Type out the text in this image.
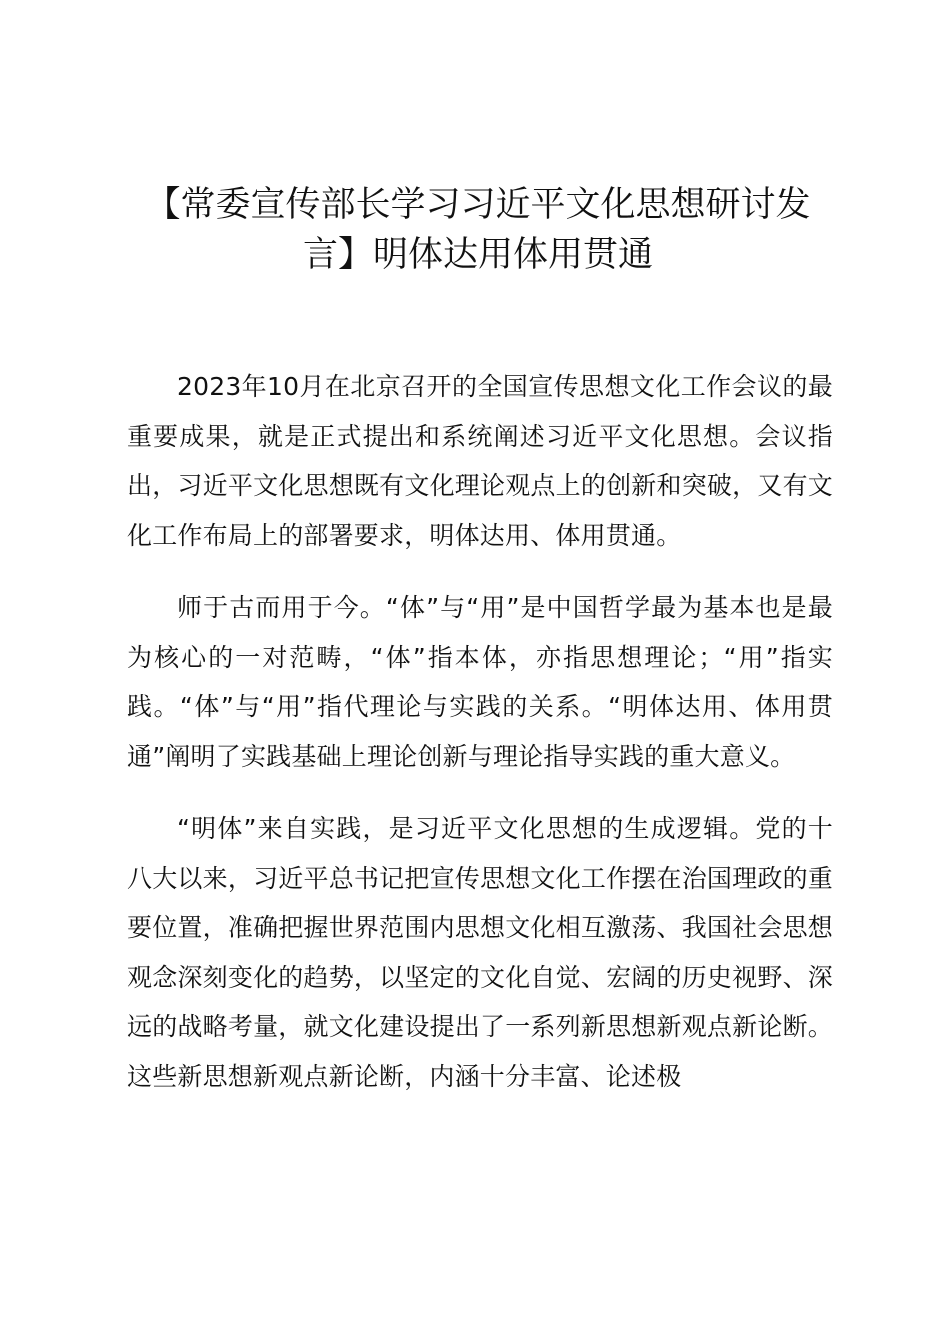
【常委宣传部长学习习近平文化思想研讨发言】明体达用体用贯通

2023年10月在北京召开的全国宣传思想文化工作会议的最重要成果，就是正式提出和系统阐述习近平文化思想。会议指出，习近平文化思想既有文化理论观点上的创新和突破，又有文化工作布局上的部署要求，明体达用、体用贯通。

师于古而用于今。“体”与“用”是中国哲学最为基本也是最为核心的一对范畴，“体”指本体，亦指思想理论；“用”指实践。“体”与“用”指代理论与实践的关系。“明体达用、体用贯通”阐明了实践基础上理论创新与理论指导实践的重大意义。

“明体”来自实践，是习近平文化思想的生成逻辑。党的十八大以来，习近平总书记把宣传思想文化工作摆在治国理政的重要位置，准确把握世界范围内思想文化相互激荡、我国社会思想观念深刻变化的趋势，以坚定的文化自觉、宏阔的历史视野、深远的战略考量，就文化建设提出了一系列新思想新观点新论断。这些新思想新观点新论断，内涵十分丰富、论述极
